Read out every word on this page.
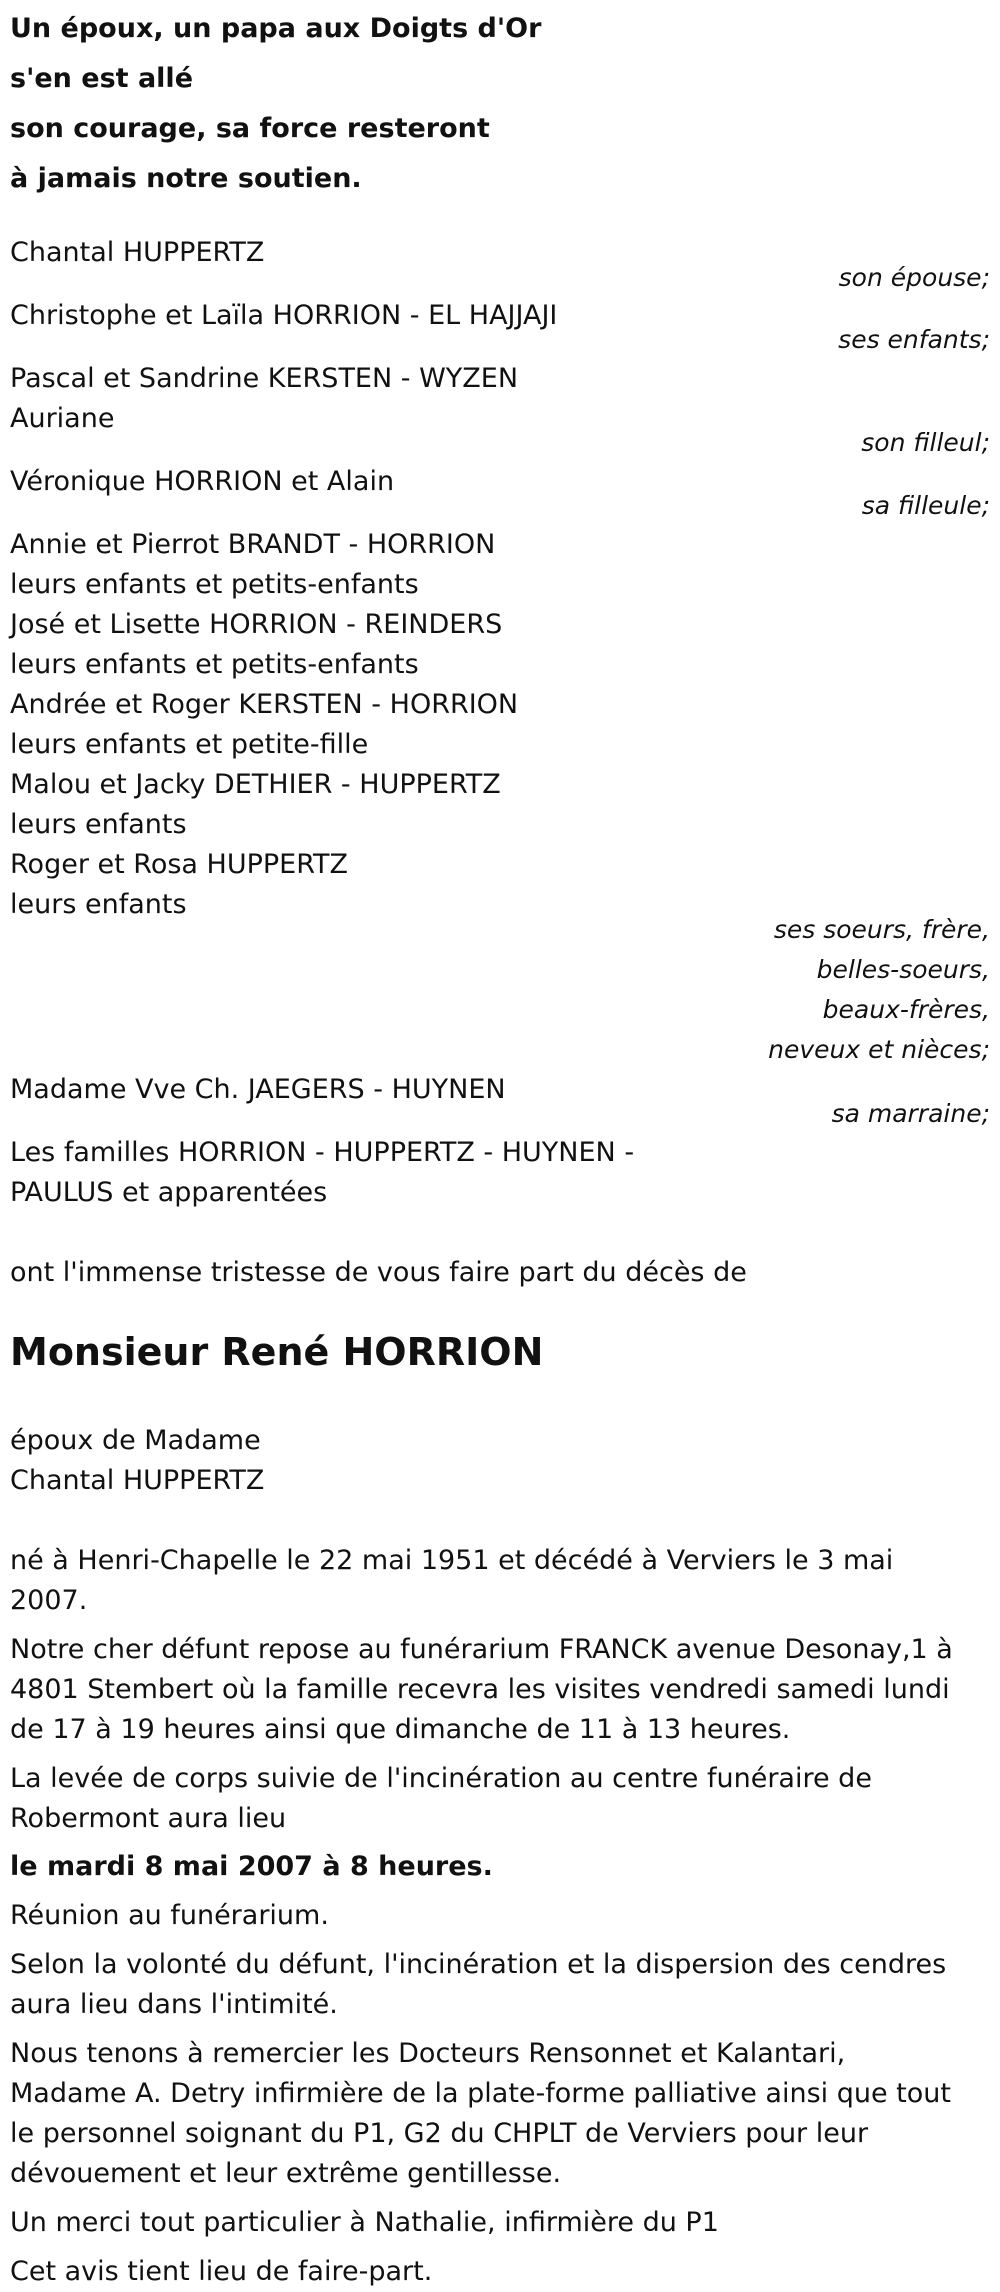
Un époux, un papa aux Doigts d'Or

s'en est allé

son courage, sa force resteront

à jamais notre soutien.

Chantal HUPPERTZ

son épouse;

Christophe et Laïla HORRION - EL HAJJAJI

ses enfants;

Pascal et Sandrine KERSTEN - WYZEN

Auriane

son filleul;

Véronique HORRION et Alain

sa filleule;

Annie et Pierrot BRANDT - HORRION

leurs enfants et petits-enfants

José et Lisette HORRION - REINDERS

leurs enfants et petits-enfants

Andrée et Roger KERSTEN - HORRION

leurs enfants et petite-fille

Malou et Jacky DETHIER - HUPPERTZ

leurs enfants

Roger et Rosa HUPPERTZ

leurs enfants

ses soeurs, frère,

belles-soeurs,

beaux-frères,

neveux et nièces;

Madame Vve Ch. JAEGERS - HUYNEN

sa marraine;

Les familles HORRION - HUPPERTZ - HUYNEN -

PAULUS et apparentées

ont l'immense tristesse de vous faire part du décès de

Monsieur René HORRION

époux de Madame

Chantal HUPPERTZ

né à Henri-Chapelle le 22 mai 1951 et décédé à Verviers le 3 mai 2007.

Notre cher défunt repose au funérarium FRANCK avenue Desonay,1 à 4801 Stembert où la famille recevra les visites vendredi samedi lundi de 17 à 19 heures ainsi que dimanche de 11 à 13 heures.

La levée de corps suivie de l'incinération au centre funéraire de Robermont aura lieu

le mardi 8 mai 2007 à 8 heures.

Réunion au funérarium.

Selon la volonté du défunt, l'incinération et la dispersion des cendres aura lieu dans l'intimité.

Nous tenons à remercier les Docteurs Rensonnet et Kalantari, Madame A. Detry infirmière de la plate-forme palliative ainsi que tout le personnel soignant du P1, G2 du CHPLT de Verviers pour leur dévouement et leur extrême gentillesse.

Un merci tout particulier à Nathalie, infirmière du P1

Cet avis tient lieu de faire-part.
